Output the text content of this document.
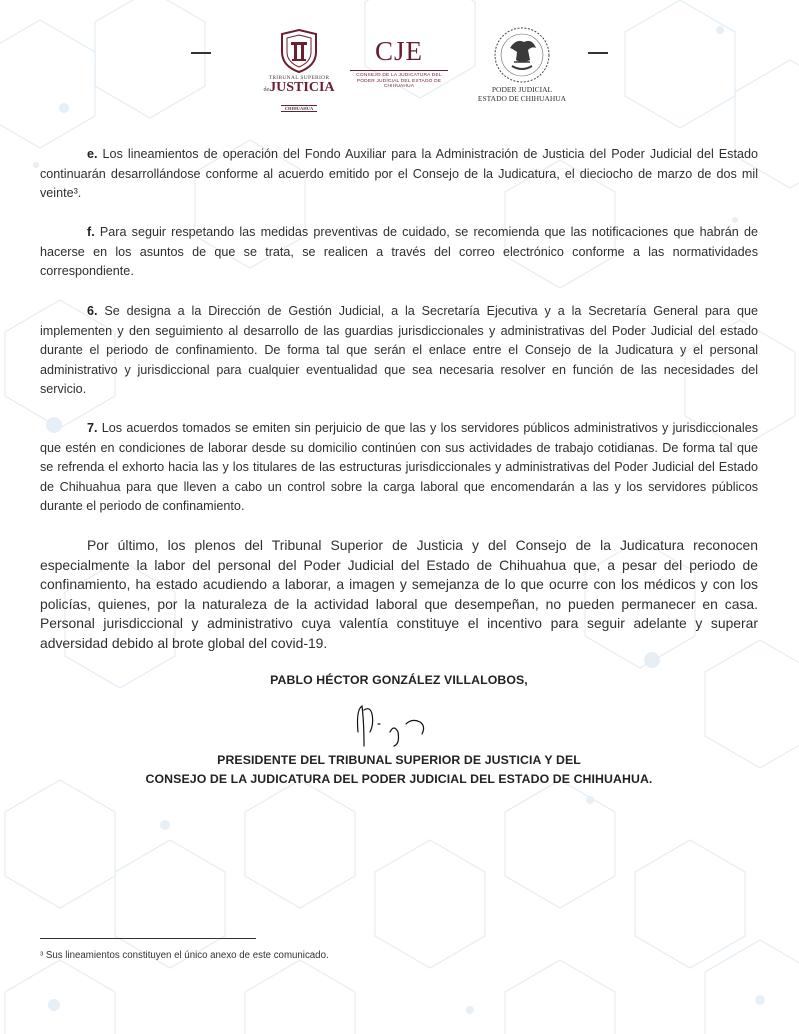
TRIBUNAL SUPERIOR
deJUSTICIA
CHIHUAHUA
CJE
CONSEJO DE LA JUDICATURA DEL
PODER JUDICIAL DEL ESTADO DE CHIHUAHUA	PODER JUDICIAL
ESTADO DE CHIHUAHUA

e. Los lineamientos de operación del Fondo Auxiliar para la Administración de Justicia del Poder Judicial del Estado continuarán desarrollándose conforme al acuerdo emitido por el Consejo de la Judicatura, el dieciocho de marzo de dos mil veinte³.

f. Para seguir respetando las medidas preventivas de cuidado, se recomienda que las notificaciones que habrán de hacerse en los asuntos de que se trata, se realicen a través del correo electrónico conforme a las normatividades correspondiente.

6. Se designa a la Dirección de Gestión Judicial, a la Secretaría Ejecutiva y a la Secretaría General para que implementen y den seguimiento al desarrollo de las guardias jurisdiccionales y administrativas del Poder Judicial del estado durante el periodo de confinamiento. De forma tal que serán el enlace entre el Consejo de la Judicatura y el personal administrativo y jurisdiccional para cualquier eventualidad que sea necesaria resolver en función de las necesidades del servicio.

7. Los acuerdos tomados se emiten sin perjuicio de que las y los servidores públicos administrativos y jurisdiccionales que estén en condiciones de laborar desde su domicilio continúen con sus actividades de trabajo cotidianas. De forma tal que se refrenda el exhorto hacia las y los titulares de las estructuras jurisdiccionales y administrativas del Poder Judicial del Estado de Chihuahua para que lleven a cabo un control sobre la carga laboral que encomendarán a las y los servidores públicos durante el periodo de confinamiento.

Por último, los plenos del Tribunal Superior de Justicia y del Consejo de la Judicatura reconocen especialmente la labor del personal del Poder Judicial del Estado de Chihuahua que, a pesar del periodo de confinamiento, ha estado acudiendo a laborar, a imagen y semejanza de lo que ocurre con los médicos y con los policías, quienes, por la naturaleza de la actividad laboral que desempeñan, no pueden permanecer en casa. Personal jurisdiccional y administrativo cuya valentía constituye el incentivo para seguir adelante y superar adversidad debido al brote global del covid-19.

PABLO HÉCTOR GONZÁLEZ VILLALOBOS,
PRESIDENTE DEL TRIBUNAL SUPERIOR DE JUSTICIA Y DEL
CONSEJO DE LA JUDICATURA DEL PODER JUDICIAL DEL ESTADO DE CHIHUAHUA.
³ Sus lineamientos constituyen el único anexo de este comunicado.
